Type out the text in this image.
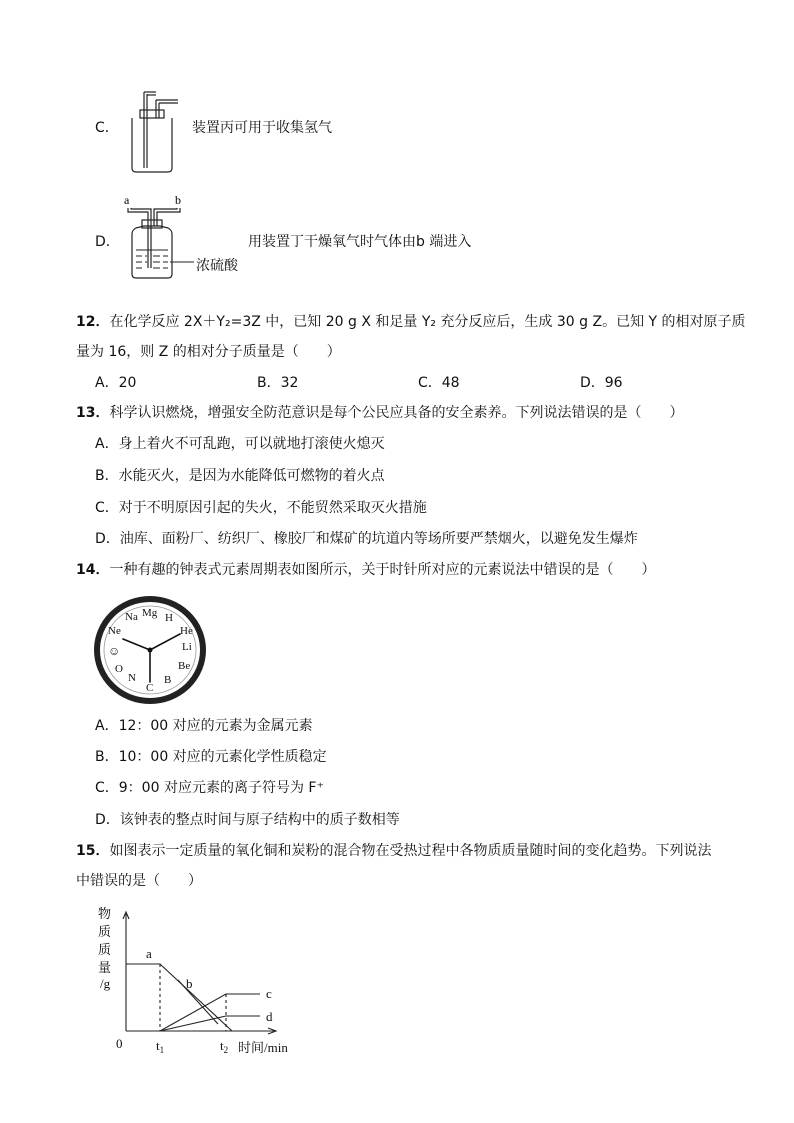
C．	装置丙可用于收集氢气
D．
a	b
浓硫酸
用装置丁干燥氧气时气体由b 端进入
12．在化学反应 2X＋Y₂=3Z 中，已知 20 g X 和足量 Y₂ 充分反应后，生成 30 g Z。已知 Y 的相对原子质
量为 16，则 Z 的相对分子质量是（　　）
A．20	B．32	C．48	D．96
13．科学认识燃烧，增强安全防范意识是每个公民应具备的安全素养。下列说法错误的是（　　）
A．身上着火不可乱跑，可以就地打滚使火熄灭
B．水能灭火，是因为水能降低可燃物的着火点
C．对于不明原因引起的失火，不能贸然采取灭火措施
D．油库、面粉厂、纺织厂、橡胶厂和煤矿的坑道内等场所要严禁烟火，以避免发生爆炸
14．一种有趣的钟表式元素周期表如图所示，关于时针所对应的元素说法中错误的是（　　）
Mg H
He
Li
Be
B
C
N
O
☺
Ne
Na
A．12：00 对应的元素为金属元素
B．10：00 对应的元素化学性质稳定
C．9：00 对应元素的离子符号为 F⁺
D．该钟表的整点时间与原子结构中的质子数相等
15．如图表示一定质量的氧化铜和炭粉的混合物在受热过程中各物质质量随时间的变化趋势。下列说法
中错误的是（　　）
物
质
质
量
/g
0	$t_1$	$t_2$ 时间/min
a
b
c
d
